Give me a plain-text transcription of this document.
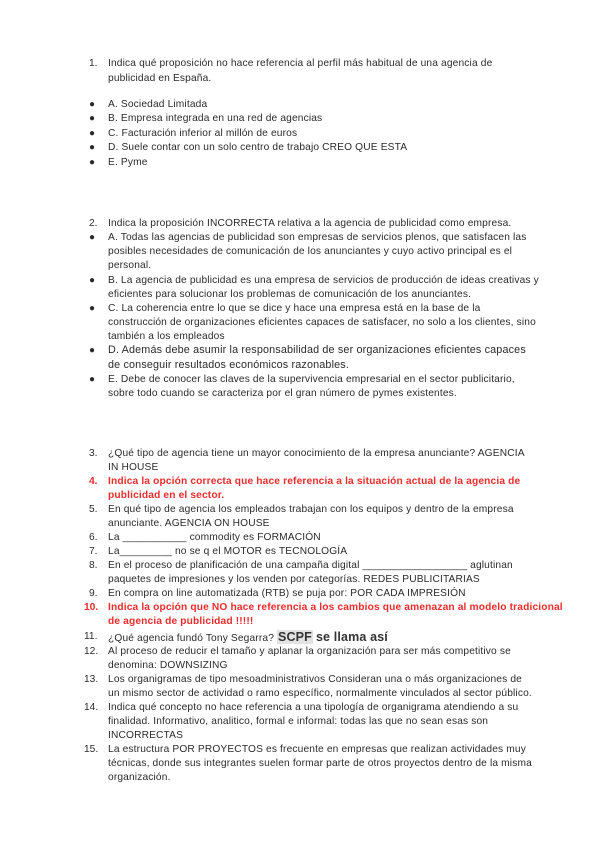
1. Indica qué proposición no hace referencia al perfil más habitual de una agencia de
publicidad en España.
● A. Sociedad Limitada
● B. Empresa integrada en una red de agencias
● C. Facturación inferior al millón de euros
● D. Suele contar con un solo centro de trabajo CREO QUE ESTA
● E. Pyme
2. Indica la proposición INCORRECTA relativa a la agencia de publicidad como empresa.
● A. Todas las agencias de publicidad son empresas de servicios plenos, que satisfacen las
posibles necesidades de comunicación de los anunciantes y cuyo activo principal es el
personal.
● B. La agencia de publicidad es una empresa de servicios de producción de ideas creativas y
eficientes para solucionar los problemas de comunicación de los anunciantes.
● C. La coherencia entre lo que se dice y hace una empresa está en la base de la
construcción de organizaciones eficientes capaces de satisfacer, no solo a los clientes, sino
también a los empleados
● D. Además debe asumir la responsabilidad de ser organizaciones eficientes capaces
de conseguir resultados económicos razonables.
● E. Debe de conocer las claves de la supervivencia empresarial en el sector publicitario,
sobre todo cuando se caracteriza por el gran número de pymes existentes.
3. ¿Qué tipo de agencia tiene un mayor conocimiento de la empresa anunciante? AGENCIA
IN HOUSE
4. Indica la opción correcta que hace referencia a la situación actual de la agencia de
publicidad en el sector.
5. En qué tipo de agencia los empleados trabajan con los equipos y dentro de la empresa
anunciante. AGENCIA ON HOUSE
6. La ___________ commodity es FORMACIÓN
7. La_________ no se q el MOTOR es TECNOLOGÍA
8. En el proceso de planificación de una campaña digital __________________ aglutinan
paquetes de impresiones y los venden por categorías. REDES PUBLICITARIAS
9. En compra on line automatizada (RTB) se puja por: POR CADA IMPRESIÓN
10. Indica la opción que NO hace referencia a los cambios que amenazan al modelo tradicional
de agencia de publicidad !!!!!
11. ¿Qué agencia fundó Tony Segarra? SCPF se llama así
12. Al proceso de reducir el tamaño y aplanar la organización para ser más competitivo se
denomina: DOWNSIZING
13. Los organigramas de tipo mesoadministrativos Consideran una o más organizaciones de
un mismo sector de actividad o ramo específico, normalmente vinculados al sector público.
14. Indica qué concepto no hace referencia a una tipología de organigrama atendiendo a su
finalidad. Informativo, analitico, formal e informal: todas las que no sean esas son
INCORRECTAS
15. La estructura POR PROYECTOS es frecuente en empresas que realizan actividades muy
técnicas, donde sus integrantes suelen formar parte de otros proyectos dentro de la misma
organización.
